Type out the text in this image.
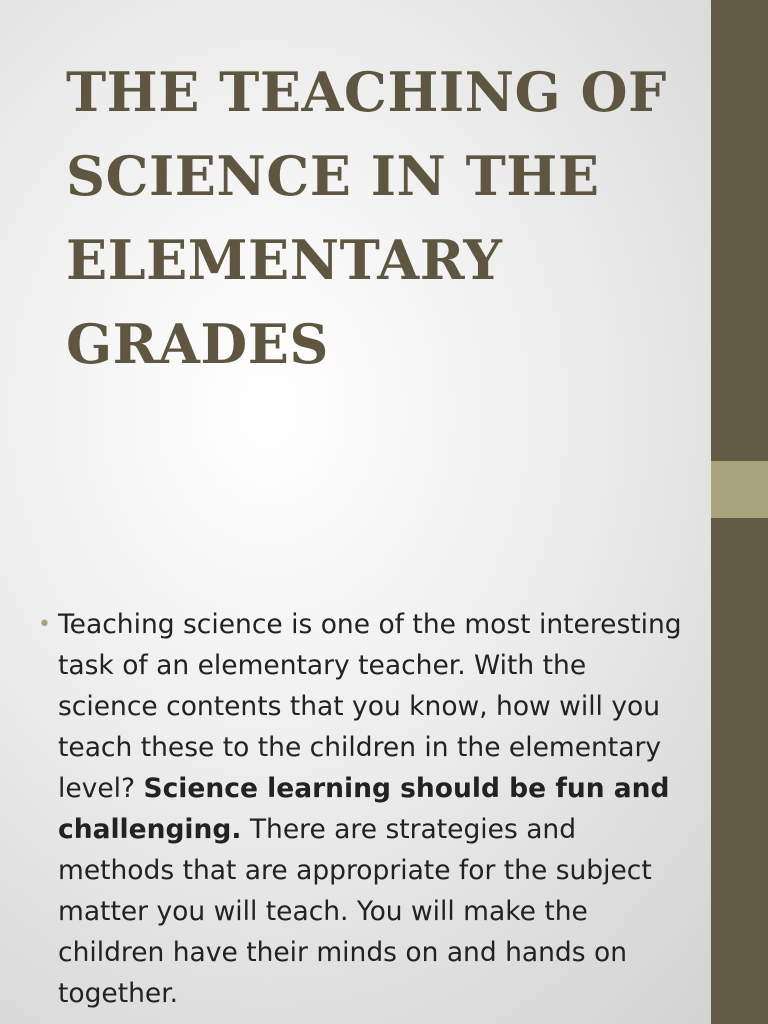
THE TEACHING OF SCIENCE IN THE ELEMENTARY GRADES
• Teaching science is one of the most interesting task of an elementary teacher. With the science contents that you know, how will you teach these to the children in the elementary level? Science learning should be fun and challenging. There are strategies and methods that are appropriate for the subject matter you will teach. You will make the children have their minds on and hands on together.
